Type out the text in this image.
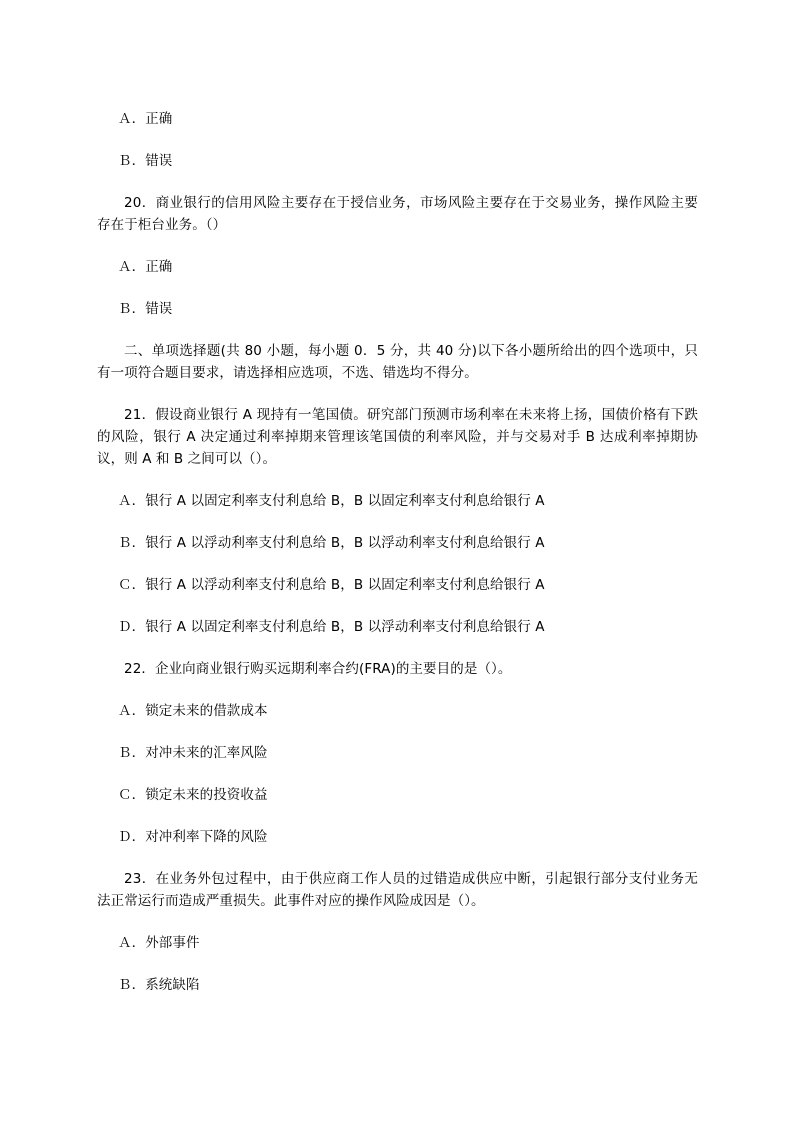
Ａ．正确

Ｂ．错误

20．商业银行的信用风险主要存在于授信业务，市场风险主要存在于交易业务，操作风险主要存在于柜台业务。（）

Ａ．正确

Ｂ．错误

二、单项选择题(共 80 小题，每小题 0．5 分，共 40 分)以下各小题所给出的四个选项中，只有一项符合题目要求，请选择相应选项，不选、错选均不得分。

21．假设商业银行 A 现持有一笔国债。研究部门预测市场利率在未来将上扬，国债价格有下跌的风险，银行 A 决定通过利率掉期来管理该笔国债的利率风险，并与交易对手 B 达成利率掉期协议，则 A 和 B 之间可以（）。

Ａ．银行 A 以固定利率支付利息给 B，B 以固定利率支付利息给银行 A

Ｂ．银行 A 以浮动利率支付利息给 B，B 以浮动利率支付利息给银行 A

Ｃ．银行 A 以浮动利率支付利息给 B，B 以固定利率支付利息给银行 A

Ｄ．银行 A 以固定利率支付利息给 B，B 以浮动利率支付利息给银行 A

22．企业向商业银行购买远期利率合约(FRA)的主要目的是（）。

Ａ．锁定未来的借款成本

Ｂ．对冲未来的汇率风险

Ｃ．锁定未来的投资收益

Ｄ．对冲利率下降的风险

23．在业务外包过程中，由于供应商工作人员的过错造成供应中断，引起银行部分支付业务无法正常运行而造成严重损失。此事件对应的操作风险成因是（）。

Ａ．外部事件

Ｂ．系统缺陷
